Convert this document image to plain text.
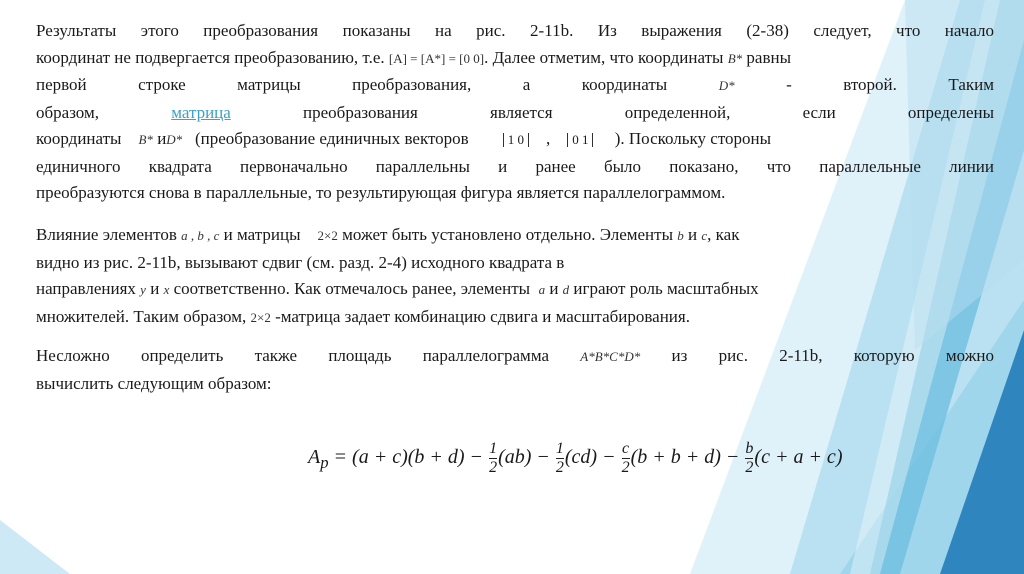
Результаты этого преобразования показаны на рис. 2-11b. Из выражения (2-38) следует, что начало
координат не подвергается преобразованию, т.е. [A] = [A*] = [0 0]. Далее отметим, что координаты B* равны
первой строке матрицы преобразования, а координаты	D*	- второй. Таким
образом,	матрица	преобразования является определенной, если определены
координаты B* иD* (преобразование единичных векторов	1 0 , 0 1 ). Поскольку стороны
единичного квадрата первоначально параллельны и ранее было показано, что параллельные линии
преобразуются снова в параллельные, то результирующая фигура является параллелограммом.
Влияние элементов a , b , c и матрицы 2×2 может быть установлено отдельно. Элементы b и c, как
видно из рис. 2-11b, вызывают сдвиг (см. разд. 2-4) исходного квадрата в
направлениях y и x соответственно. Как отмечалось ранее, элементы a и d играют роль масштабных
множителей. Таким образом, 2×2 -матрица задает комбинацию сдвига и масштабирования.
Несложно определить также площадь параллелограмма A*B*C*D* из рис. 2-11b, которую можно
вычислить следующим образом:
$A_p = (a + c)(b + d) - \frac{1}{2} (ab) - \frac{1}{2} (cd) - \frac{c}{2} (b + b + d) - \frac{b}{2} (c + a + c)$
